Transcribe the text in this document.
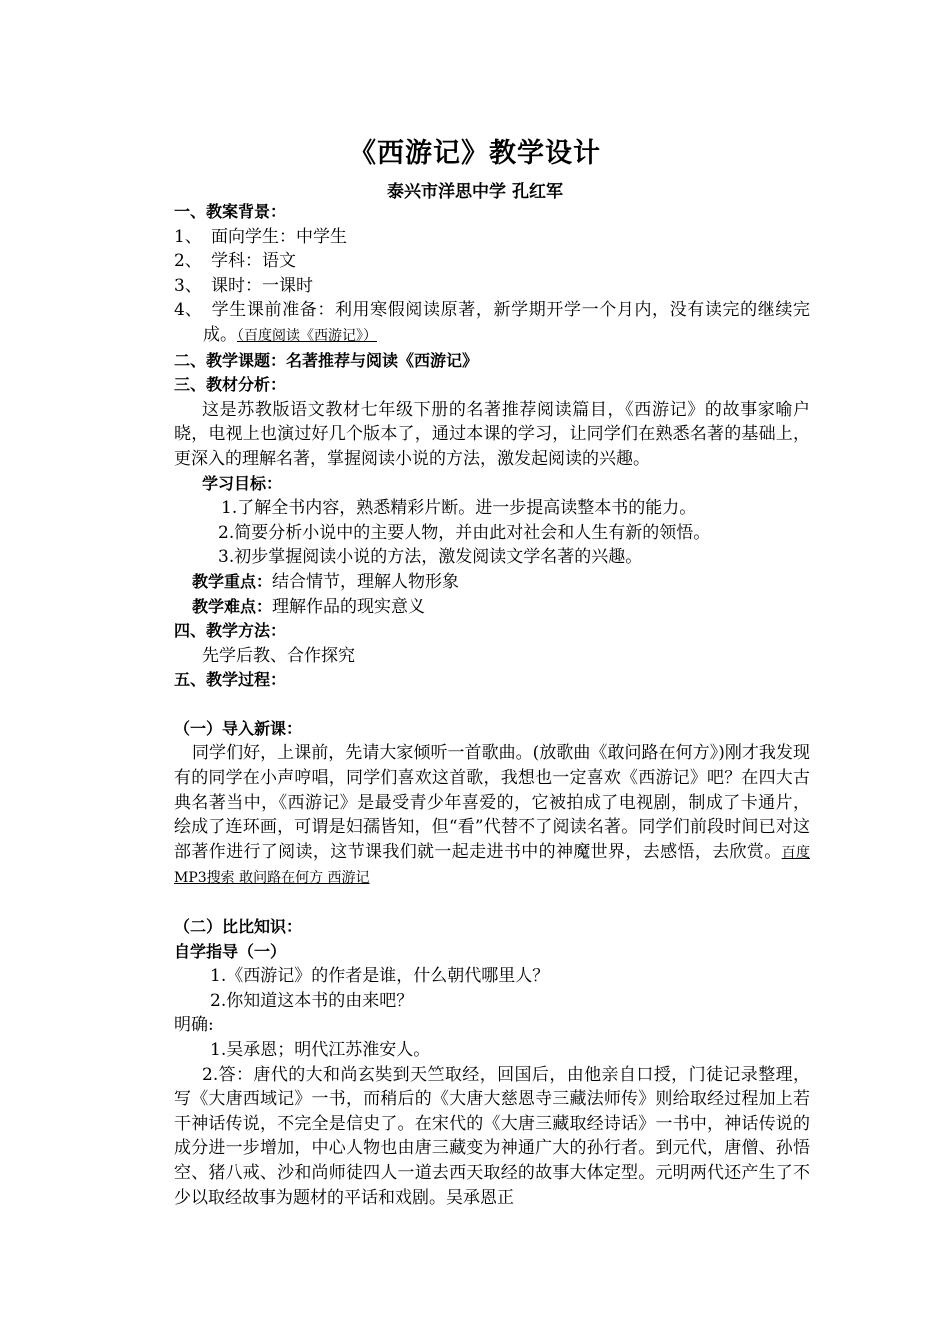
《西游记》教学设计
泰兴市洋思中学 孔红军

一、教案背景：

1、 面向学生：中学生

2、 学科：语文

3、 课时：一课时

4、 学生课前准备：利用寒假阅读原著，新学期开学一个月内，没有读完的继续完成。（百度阅读《西游记》）

二、教学课题：名著推荐与阅读《西游记》

三、教材分析：

这是苏教版语文教材七年级下册的名著推荐阅读篇目，《西游记》的故事家喻户晓，电视上也演过好几个版本了，通过本课的学习，让同学们在熟悉名著的基础上，更深入的理解名著，掌握阅读小说的方法，激发起阅读的兴趣。

学习目标：

1.了解全书内容，熟悉精彩片断。进一步提高读整本书的能力。

2.简要分析小说中的主要人物，并由此对社会和人生有新的领悟。

3.初步掌握阅读小说的方法，激发阅读文学名著的兴趣。

教学重点：结合情节，理解人物形象

教学难点：理解作品的现实意义

四、教学方法：

先学后教、合作探究

五、教学过程：

（一）导入新课：

同学们好，上课前，先请大家倾听一首歌曲。(放歌曲《敢问路在何方》)刚才我发现有的同学在小声哼唱，同学们喜欢这首歌，我想也一定喜欢《西游记》吧？在四大古典名著当中，《西游记》是最受青少年喜爱的，它被拍成了电视剧，制成了卡通片，绘成了连环画，可谓是妇孺皆知，但“看”代替不了阅读名著。同学们前段时间已对这部著作进行了阅读，这节课我们就一起走进书中的神魔世界，去感悟，去欣赏。百度MP3搜索 敢问路在何方 西游记

（二）比比知识：

自学指导（一）

1.《西游记》的作者是谁，什么朝代哪里人？

2.你知道这本书的由来吧？

明确:

1.吴承恩；明代江苏淮安人。

2.答：唐代的大和尚玄奘到天竺取经，回国后，由他亲自口授，门徒记录整理，写《大唐西域记》一书，而稍后的《大唐大慈恩寺三藏法师传》则给取经过程加上若干神话传说，不完全是信史了。在宋代的《大唐三藏取经诗话》一书中，神话传说的成分进一步增加，中心人物也由唐三藏变为神通广大的孙行者。到元代，唐僧、孙悟空、猪八戒、沙和尚师徒四人一道去西天取经的故事大体定型。元明两代还产生了不少以取经故事为题材的平话和戏剧。吴承恩正
